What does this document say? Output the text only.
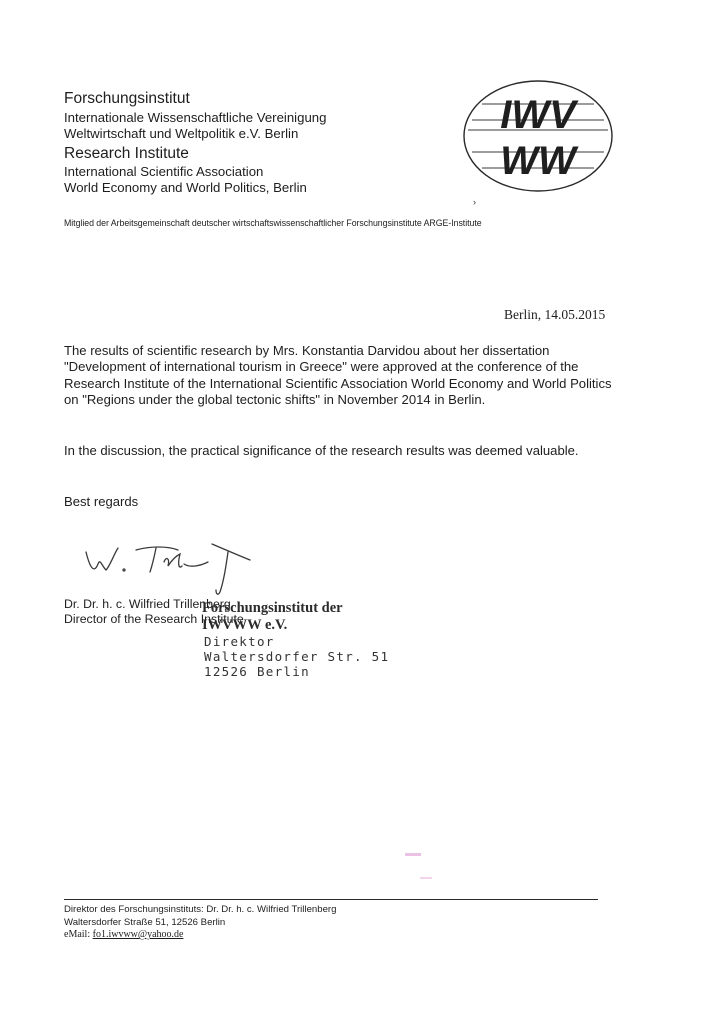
Forschungsinstitut
Internationale Wissenschaftliche Vereinigung
Weltwirtschaft und Weltpolitik e.V. Berlin
Research Institute
International Scientific Association
World Economy and World Politics, Berlin
IWV
WW
›
Mitglied der Arbeitsgemeinschaft deutscher wirtschaftswissenschaftlicher Forschungsinstitute ARGE-Institute
Berlin, 14.05.2015
The results of scientific research by Mrs. Konstantia Darvidou about her dissertation "Development of international tourism in Greece" were approved at the conference of the Research Institute of the International Scientific Association World Economy and World Politics on "Regions under the global tectonic shifts" in November 2014 in Berlin.
In the discussion, the practical significance of the research results was deemed valuable.
Best regards
Dr. Dr. h. c. Wilfried Trillenberg
Director of the Research Institute
Forschungsinstitut der
IWVWW e.V.
Direktor
Waltersdorfer Str. 51
12526 Berlin
Direktor des Forschungsinstituts: Dr. Dr. h. c. Wilfried Trillenberg
Waltersdorfer Straße 51, 12526 Berlin
eMail: fo1.iwvww@yahoo.de
